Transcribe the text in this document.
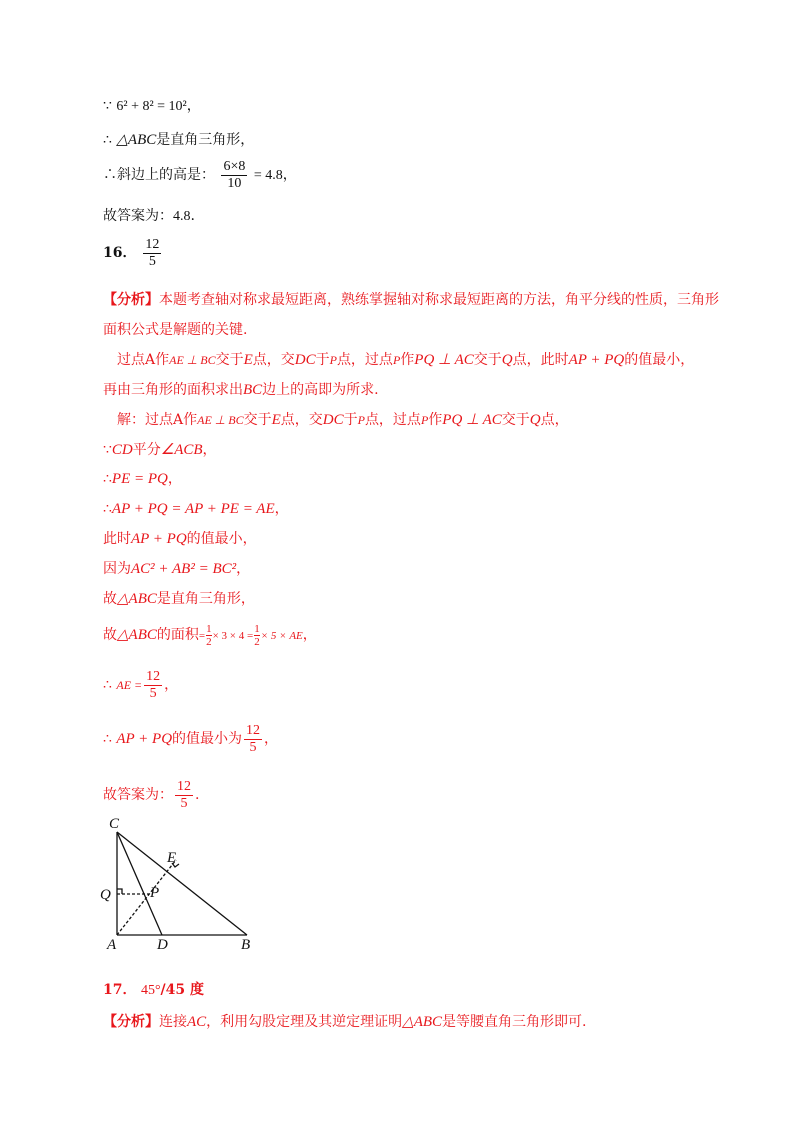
∵ 6² + 8² = 10²，
∴ △ABC是直角三角形，
∴斜边上的高是： $\frac{6\times 8}{10} = 4.8$，
故答案为：4.8.
16． $\frac{12}{5}$
【分析】本题考查轴对称求最短距离，熟练掌握轴对称求最短距离的方法，角平分线的性质，三角形
面积公式是解题的关键.
过点A作AE ⊥ BC交于E点，交DC于P点，过点P作PQ ⊥ AC交于Q点，此时AP + PQ的值最小，
再由三角形的面积求出BC边上的高即为所求.
解：过点A作AE ⊥ BC交于E点，交DC于P点，过点P作PQ ⊥ AC交于Q点，
∵CD平分∠ACB，
∴PE = PQ，
∴AP + PQ = AP + PE = AE，
此时AP + PQ的值最小，
因为AC² + AB² = BC²，
故△ABC是直角三角形，
故△ABC的面积= $\frac{1}{2} \times 3 \times 4 = \frac{1}{2} \times 5$ × AE，
∴ AE = $\frac{12}{5}$ ，
∴ AP + PQ的值最小为 $\frac{12}{5}$ ，
故答案为： $\frac{12}{5}$ .
C
E
Q	P
A	D	B
17． 45°/45 度
【分析】连接AC，利用勾股定理及其逆定理证明△ABC是等腰直角三角形即可.
